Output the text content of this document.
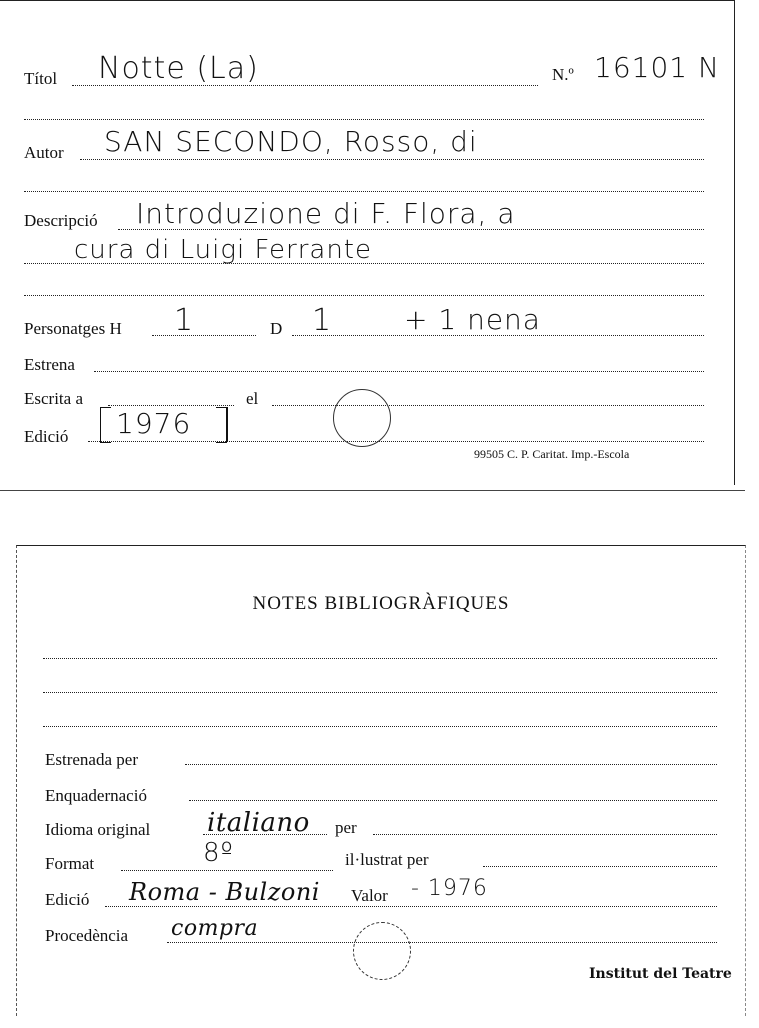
Títol Notte (La)	N.º 16101 N
Autor SAN SECONDO, Rosso, di
Descripció Introduzione di F. Flora, a
cura di Luigi Ferrante
Personatges H 1	D 1	+ 1 nena
Estrena
Escrita a	el
Edició 1976
99505 C. P. Caritat. Imp.-Escola
NOTES BIBLIOGRÀFIQUES
Estrenada per
Enquadernació
Idioma original italiano per
Format	8º	il·lustrat per
Edició Roma - Bulzoni Valor - 1976
Procedència compra
Institut del Teatre
